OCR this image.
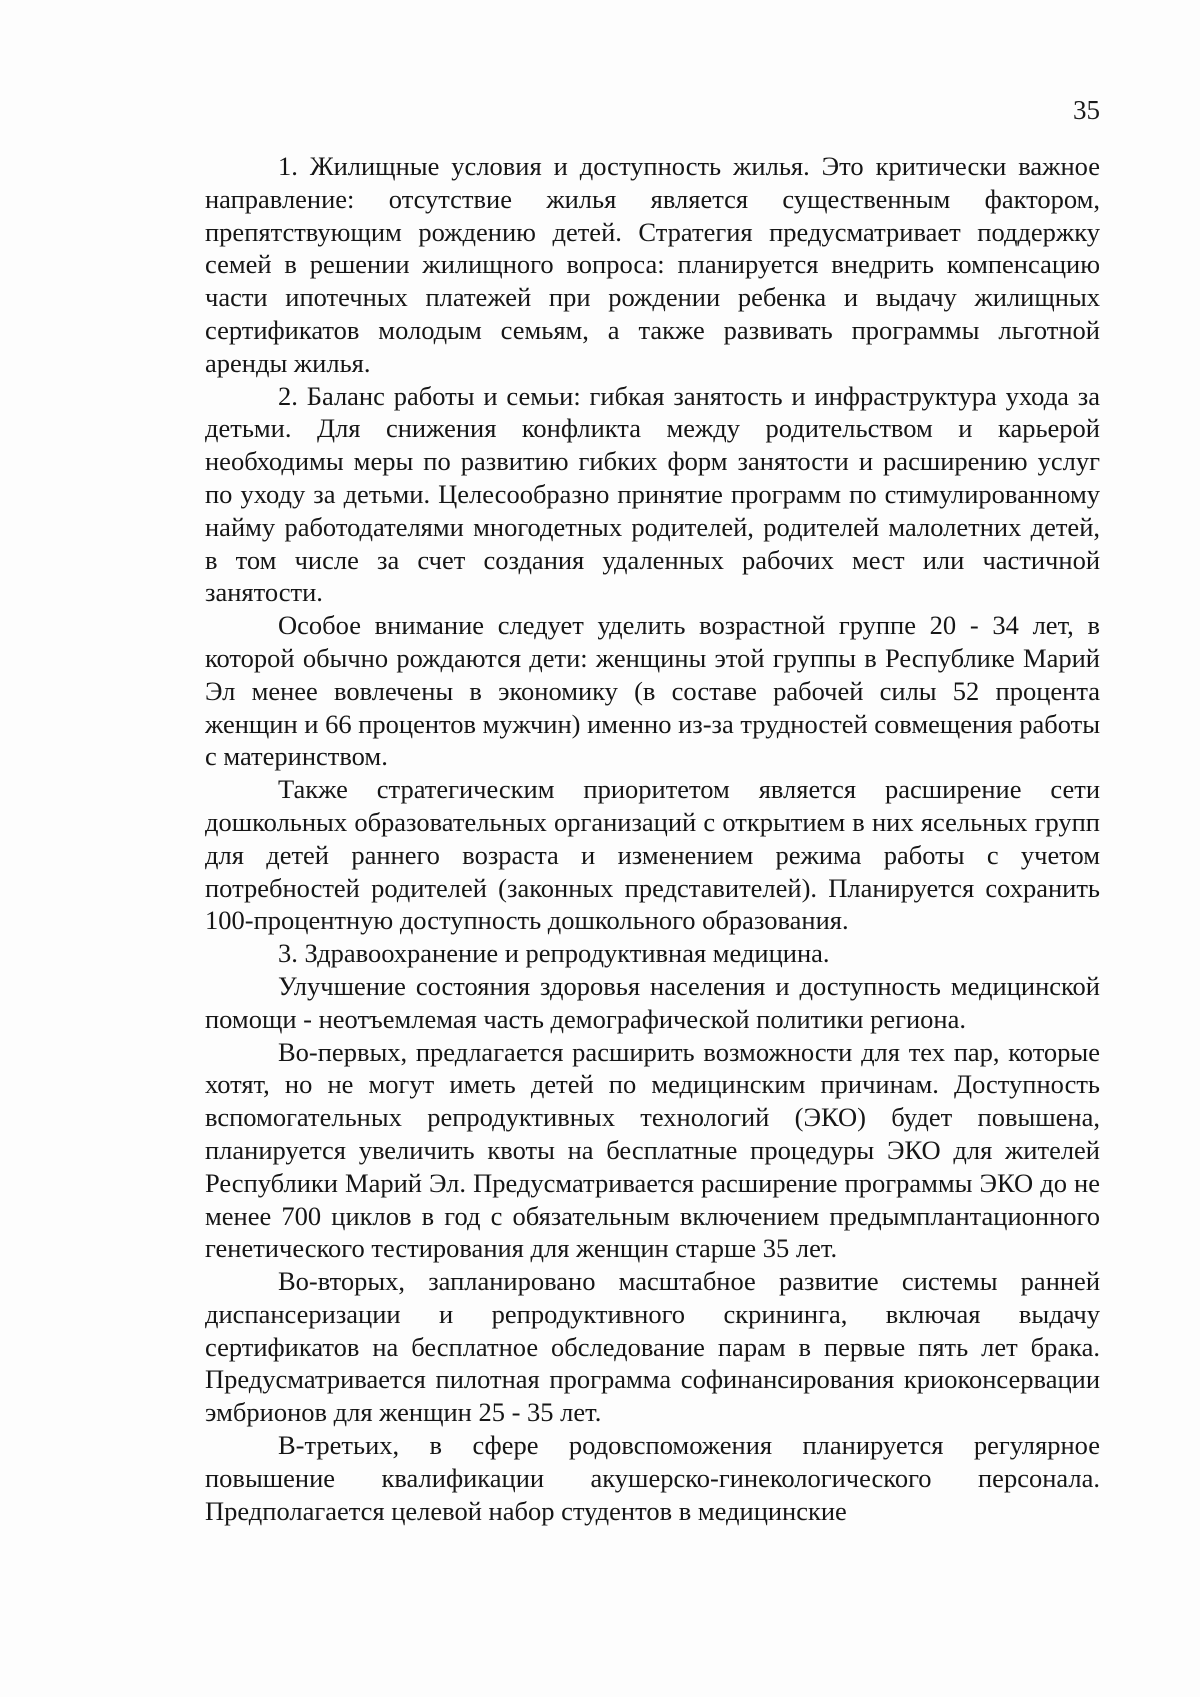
35

1. Жилищные условия и доступность жилья. Это критически важное направление: отсутствие жилья является существенным фактором, препятствующим рождению детей. Стратегия предусматривает поддержку семей в решении жилищного вопроса: планируется внедрить компенсацию части ипотечных платежей при рождении ребенка и выдачу жилищных сертификатов молодым семьям, а также развивать программы льготной аренды жилья.

2. Баланс работы и семьи: гибкая занятость и инфраструктура ухода за детьми. Для снижения конфликта между родительством и карьерой необходимы меры по развитию гибких форм занятости и расширению услуг по уходу за детьми. Целесообразно принятие программ по стимулированному найму работодателями многодетных родителей, родителей малолетних детей, в том числе за счет создания удаленных рабочих мест или частичной занятости.

Особое внимание следует уделить возрастной группе 20 - 34 лет, в которой обычно рождаются дети: женщины этой группы в Республике Марий Эл менее вовлечены в экономику (в составе рабочей силы 52 процента женщин и 66 процентов мужчин) именно из-за трудностей совмещения работы с материнством.

Также стратегическим приоритетом является расширение сети дошкольных образовательных организаций с открытием в них ясельных групп для детей раннего возраста и изменением режима работы с учетом потребностей родителей (законных представителей). Планируется сохранить 100-процентную доступность дошкольного образования.

3. Здравоохранение и репродуктивная медицина.

Улучшение состояния здоровья населения и доступность медицинской помощи - неотъемлемая часть демографической политики региона.

Во-первых, предлагается расширить возможности для тех пар, которые хотят, но не могут иметь детей по медицинским причинам. Доступность вспомогательных репродуктивных технологий (ЭКО) будет повышена, планируется увеличить квоты на бесплатные процедуры ЭКО для жителей Республики Марий Эл. Предусматривается расширение программы ЭКО до не менее 700 циклов в год с обязательным включением предымплантационного генетического тестирования для женщин старше 35 лет.

Во-вторых, запланировано масштабное развитие системы ранней диспансеризации и репродуктивного скрининга, включая выдачу сертификатов на бесплатное обследование парам в первые пять лет брака. Предусматривается пилотная программа софинансирования криоконсервации эмбрионов для женщин 25 - 35 лет.

В-третьих, в сфере родовспоможения планируется регулярное повышение квалификации акушерско-гинекологического персонала. Предполагается целевой набор студентов в медицинские
